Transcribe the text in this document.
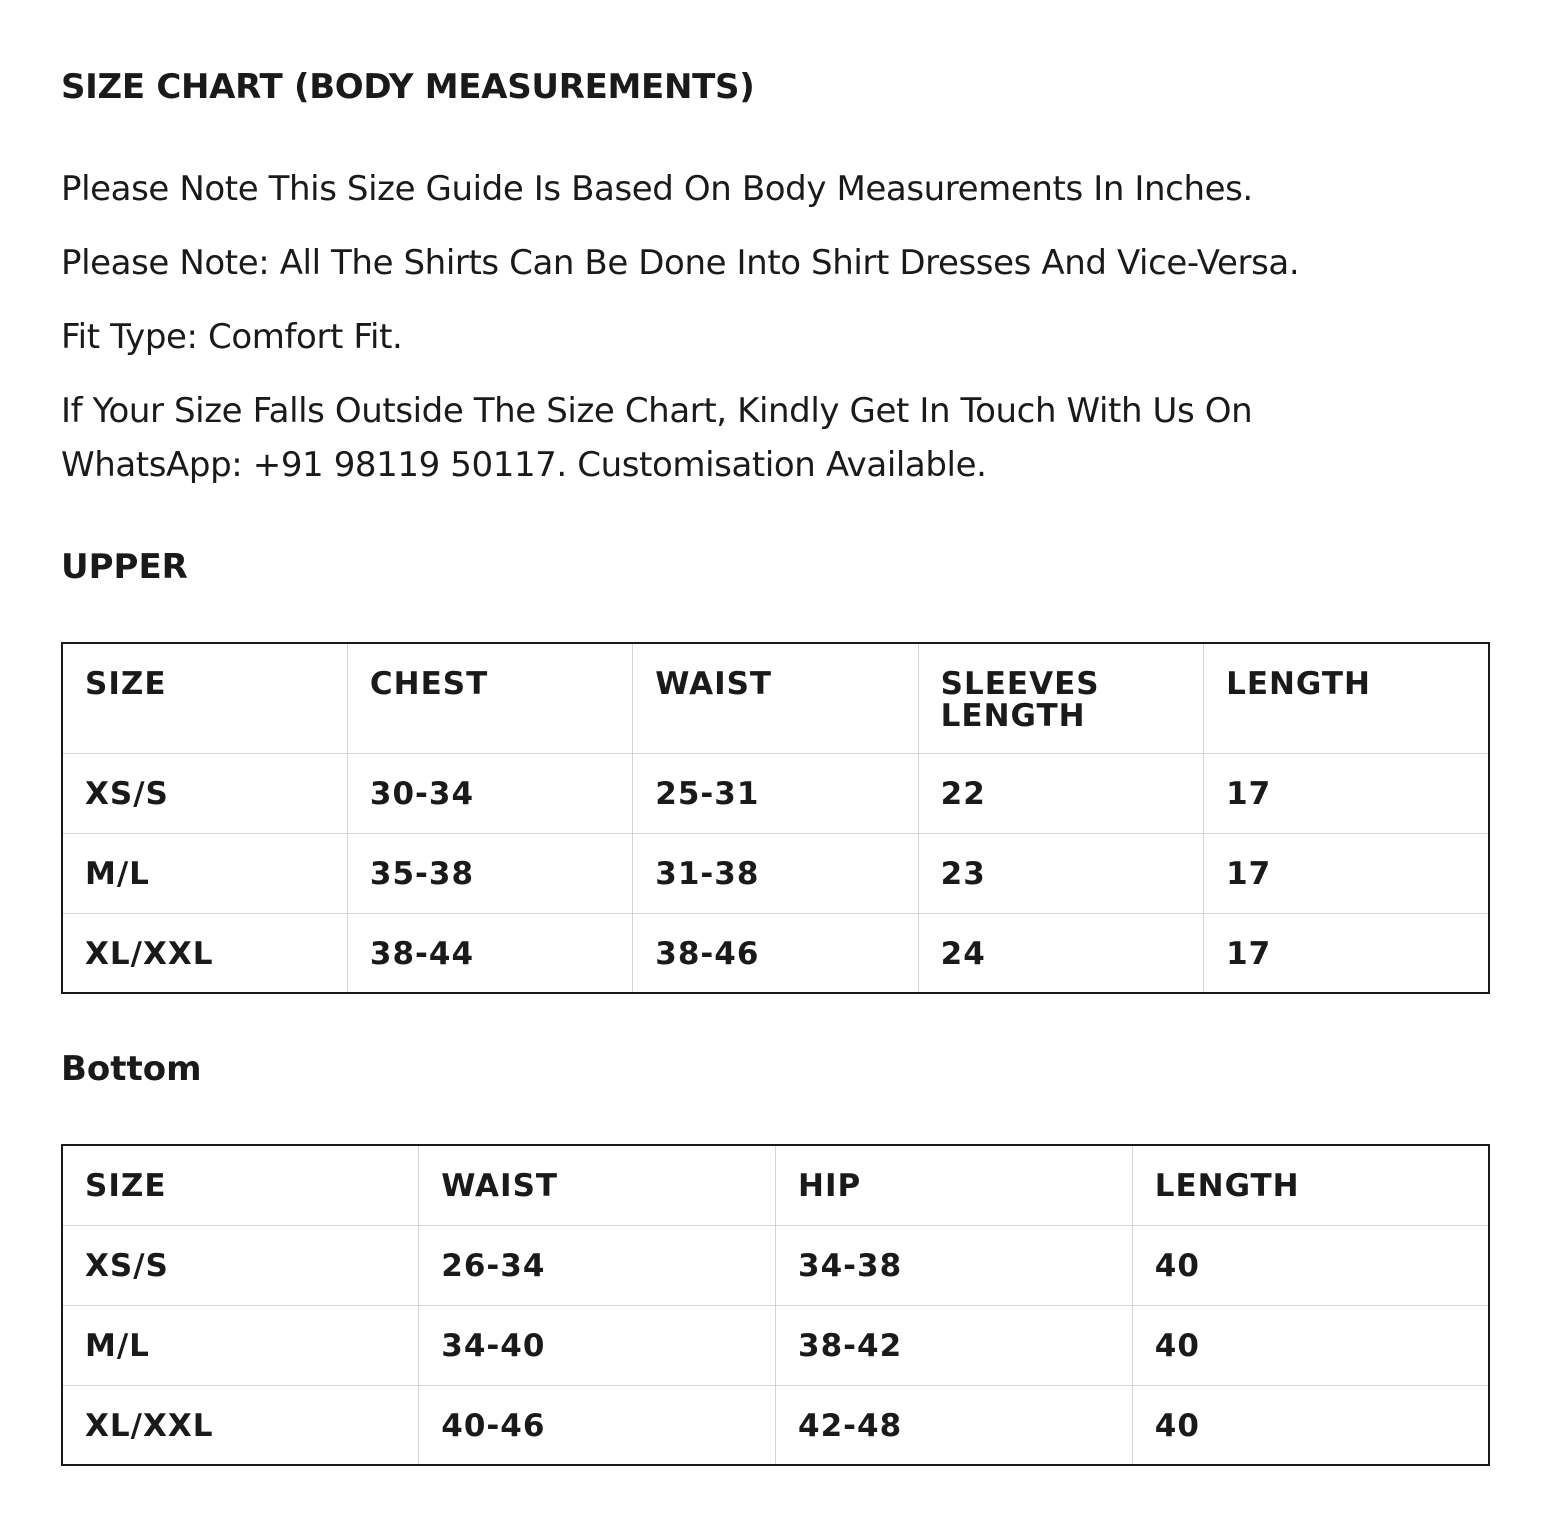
SIZE CHART (BODY MEASUREMENTS)

Please Note This Size Guide Is Based On Body Measurements In Inches.

Please Note: All The Shirts Can Be Done Into Shirt Dresses And Vice-Versa.

Fit Type: Comfort Fit.

If Your Size Falls Outside The Size Chart, Kindly Get In Touch With Us On WhatsApp: +91 98119 50117. Customisation Available.

UPPER
SIZE	CHEST	WAIST	SLEEVES LENGTH	LENGTH
XS/S	30-34	25-31	22	17
M/L	35-38	31-38	23	17
XL/XXL	38-44	38-46	24	17
Bottom
SIZE	WAIST	HIP	LENGTH
XS/S	26-34	34-38	40
M/L	34-40	38-42	40
XL/XXL	40-46	42-48	40
